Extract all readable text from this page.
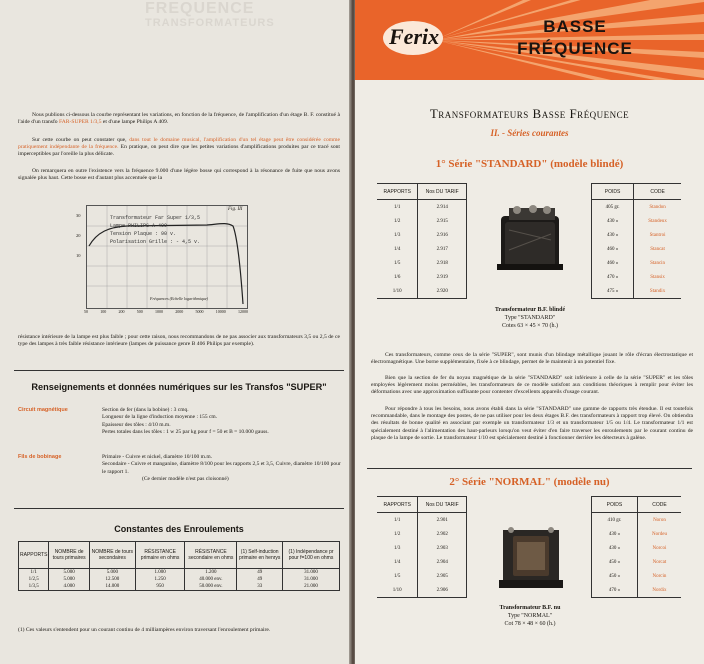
FREQUENCE
TRANSFORMATEURS
Nous publions ci-dessous la courbe représentant les variations, en fonction de la fréquence, de l'amplification d'un étage B. F. constitué à l'aide d'un transfo FAR-SUPER 1/3,5 et d'une lampe Philips A 409.
Sur cette courbe on peut constater que, dans tout le domaine musical, l'amplification d'un tel étage peut être considérée comme pratiquement indépendante de la fréquence. En pratique, on peut dire que les petites variations d'amplifications produites par ce tracé sont imperceptibles par l'oreille la plus délicate.
On remarquera en outre l'existence vers la fréquence 9.000 d'une légère bosse qui correspond à la résonance de fuite que nous avons signalée plus haut. Cette bosse est d'autant plus accentuée que la
Fig. III
Transformateur Far Super 1/3,5
Lampe PHILIPS A 409
Tension Plaque : 90 v.
Polarisation Grille : - 4,5 v.
30
20
10
50	100	200	500	1000	2000	5000	10000	12000
Fréquences (Echelle logarithmique)
résistance intérieure de la lampe est plus faible ; pour cette raison, nous recommandons de ne pas associer aux transformateurs 3,5 ou 2,5 de ce type des lampes à très faible résistance intérieure (lampes de puissance genre B 406 Philips par exemple).
Renseignements et données numériques sur les Transfos "SUPER"
Circuit magnétique	Section de fer (dans la bobine) : 3 cmq.
Longueur de la ligne d'induction moyenne : 155 cm.
Epaisseur des tôles : 4/10 m.m.
Pertes totales dans les tôles : 1 w 25 par kg pour f = 50 et B = 10.000 gauss.
Fils de bobinage	Primaire - Cuivre et nickel, diamètre 10/100 m.m.
Secondaire - Cuivre et manganine, diamètre 8/100 pour les rapports 2,5 et 3,5, Cuivre, diamètre 10/100 pour le rapport 1.
(Ce dernier modèle n'est pas cloisonné)
Constantes des Enroulements
RAPPORTS	NOMBRE de tours primaires	NOMBRE de tours secondaires	RÉSISTANCE primaire en ohms	RÉSISTANCE secondaire en ohms	(1) Self-induction primaire en henrys	(1) Indépendance pr pour f=100 en ohms
1/1	5.000	5.000	1.000	1.200	49	31.000
1/2,5	5.000	12.500	1.250	40.000 env.	49	31.000
1/3,5	4.000	14.000	950	50.000 env.	33	21.000
(1) Ces valeurs s'entendent pour un courant continu de 4 milliampères environ traversant l'enroulement primaire.
Ferix	BASSE
FRÉQUENCE
Transformateurs Basse Fréquence
II. - Séries courantes
1° Série "STANDARD" (modèle blindé)
RAPPORTS	Nos DU TARIF
1/1	2.914
1/2	2.915
1/3	2.916
1/4	2.917
1/5	2.918
1/6	2.919
1/10	2.920
POIDS	CODE
405 gr.	Standon
430 »	Standeux
430 »	Stantroi
460 »	Stancat
460 »	Stancin
470 »	Stansix
475 »	Standix
Transformateur B.F. blindé
Type "STANDARD"
Cotes 63 × 45 × 70 (h.)
Ces transformateurs, comme ceux de la série "SUPER", sont munis d'un blindage métallique jouant le rôle d'écran électrostatique et électromagnétique. Une borne supplémentaire, fixée à ce blindage, permet de le maintenir à un potentiel fixe.
Bien que la section de fer du noyau magnétique de la série "STANDARD" soit inférieure à celle de la série "SUPER" et les tôles employées légèrement moins perméables, les transformateurs de ce modèle satisfont aux conditions théoriques à remplir pour éviter les déformations avec une approximation suffisante pour contenter d'excellents appareils d'usage courant.
Pour répondre à tous les besoins, nous avons établi dans la série "STANDARD" une gamme de rapports très étendue. Il est toutefois recommandable, dans le montage des postes, de ne pas utiliser pour les deux étages B.F. des transformateurs à rapport trop élevé. On obtiendra des résultats de bonne qualité en associant par exemple un transformateur 1/3 et un transformateur 1/5 ou 1/4. Le transformateur 1/1 est spécialement destiné à l'alimentation des haut-parleurs lorsqu'on veut éviter d'en faire traverser les enroulements par le courant continu de plaque de la lampe de sortie. Le transformateur 1/10 est spécialement destiné à fonctionner derrière les détecteurs à galène.
2° Série "NORMAL" (modèle nu)
RAPPORTS	Nos DU TARIF
1/1	2.901
1/2	2.902
1/3	2.903
1/4	2.904
1/5	2.905
1/10	2.906
POIDS	CODE
410 gr.	Noron
430 »	Nordeu
430 »	Norcoi
450 »	Norcat
450 »	Norcin
470 »	Nordix
Transformateur B.F. nu
Type "NORMAL"
Cot 78 × 48 × 60 (h.)
